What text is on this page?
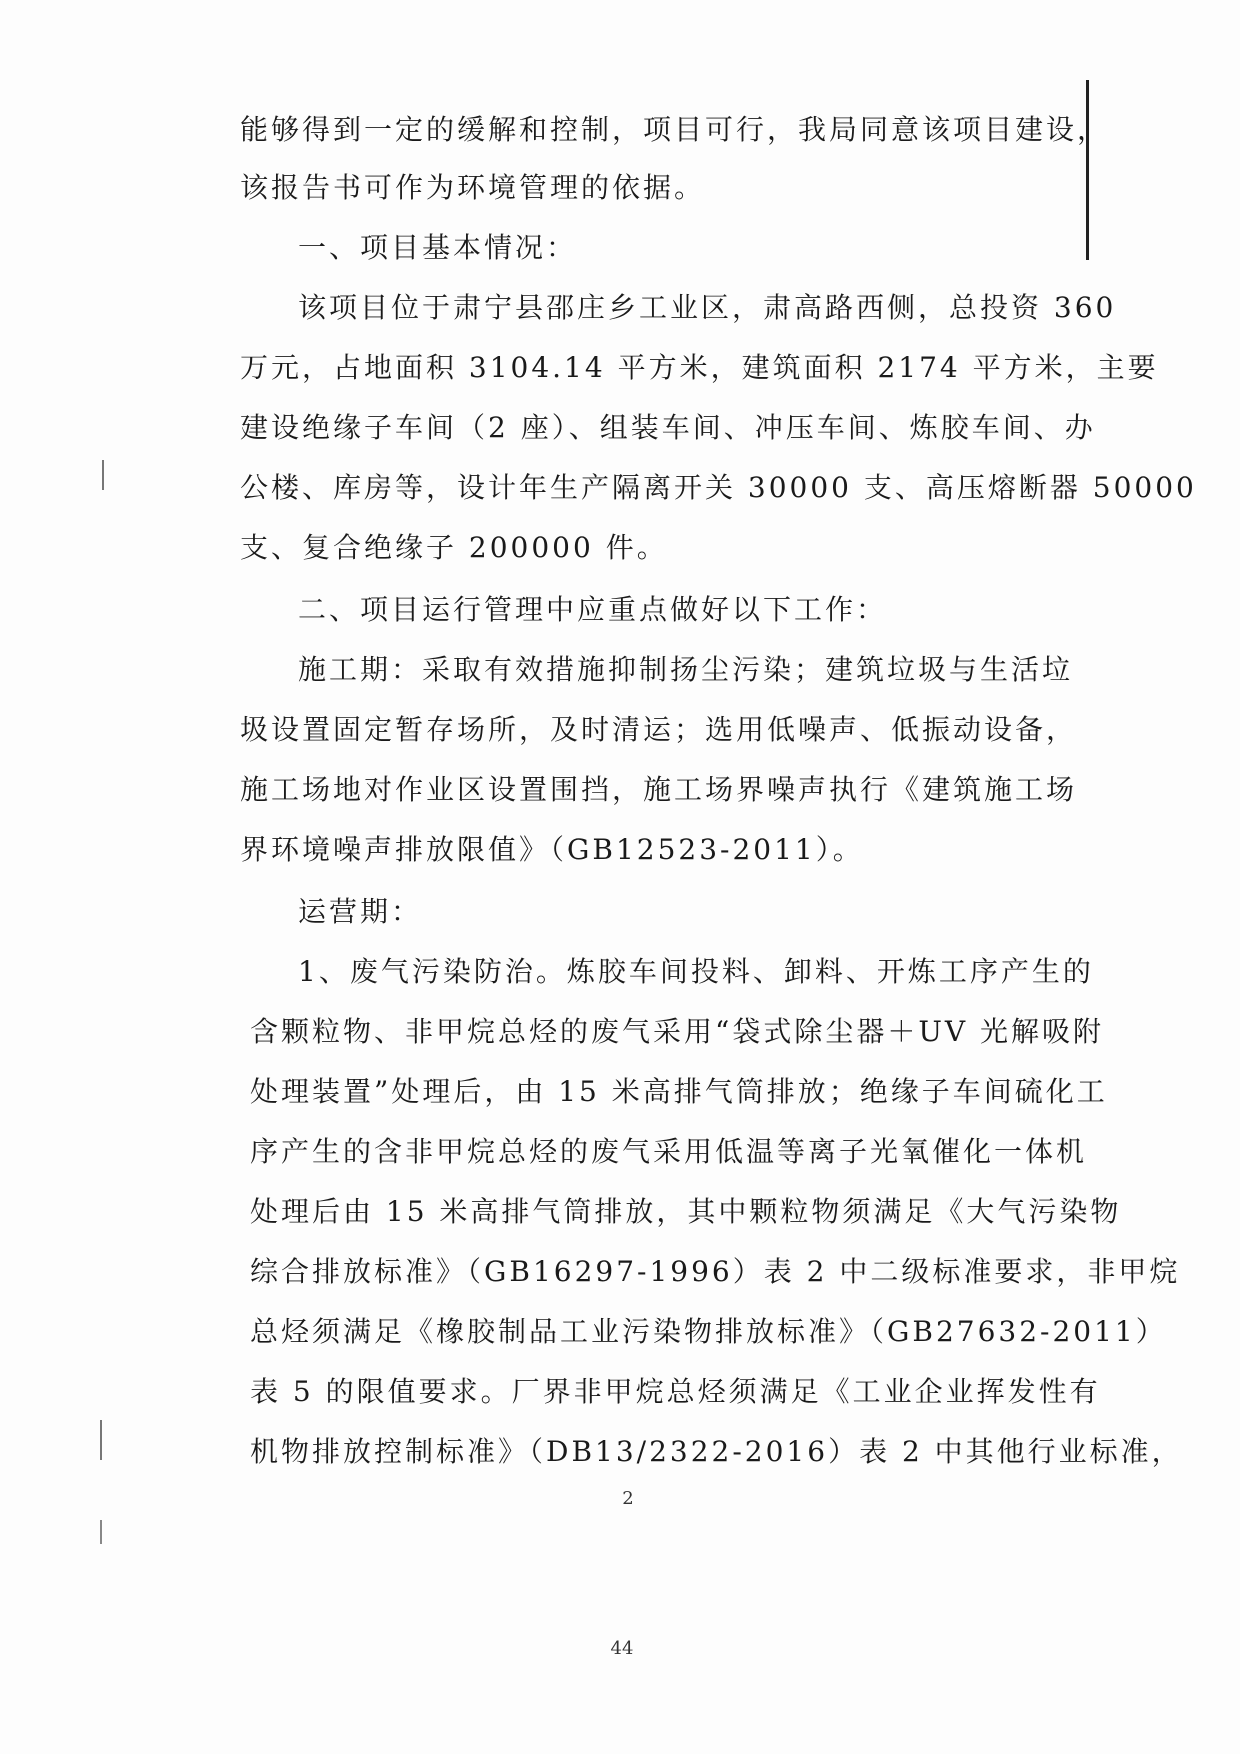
能够得到一定的缓解和控制，项目可行，我局同意该项目建设，
该报告书可作为环境管理的依据。
一、项目基本情况：
该项目位于肃宁县邵庄乡工业区，肃高路西侧，总投资 360
万元，占地面积 3104.14 平方米，建筑面积 2174 平方米，主要
建设绝缘子车间（2 座）、组装车间、冲压车间、炼胶车间、办
公楼、库房等，设计年生产隔离开关 30000 支、高压熔断器 50000
支、复合绝缘子 200000 件。
二、项目运行管理中应重点做好以下工作：
施工期：采取有效措施抑制扬尘污染；建筑垃圾与生活垃
圾设置固定暂存场所，及时清运；选用低噪声、低振动设备，
施工场地对作业区设置围挡，施工场界噪声执行《建筑施工场
界环境噪声排放限值》（GB12523-2011）。
运营期：
1、废气污染防治。炼胶车间投料、卸料、开炼工序产生的
含颗粒物、非甲烷总烃的废气采用“袋式除尘器＋UV 光解吸附
处理装置”处理后，由 15 米高排气筒排放；绝缘子车间硫化工
序产生的含非甲烷总烃的废气采用低温等离子光氧催化一体机
处理后由 15 米高排气筒排放，其中颗粒物须满足《大气污染物
综合排放标准》（GB16297-1996）表 2 中二级标准要求，非甲烷
总烃须满足《橡胶制品工业污染物排放标准》（GB27632-2011）
表 5 的限值要求。厂界非甲烷总烃须满足《工业企业挥发性有
机物排放控制标准》（DB13/2322-2016）表 2 中其他行业标准，
2
44
